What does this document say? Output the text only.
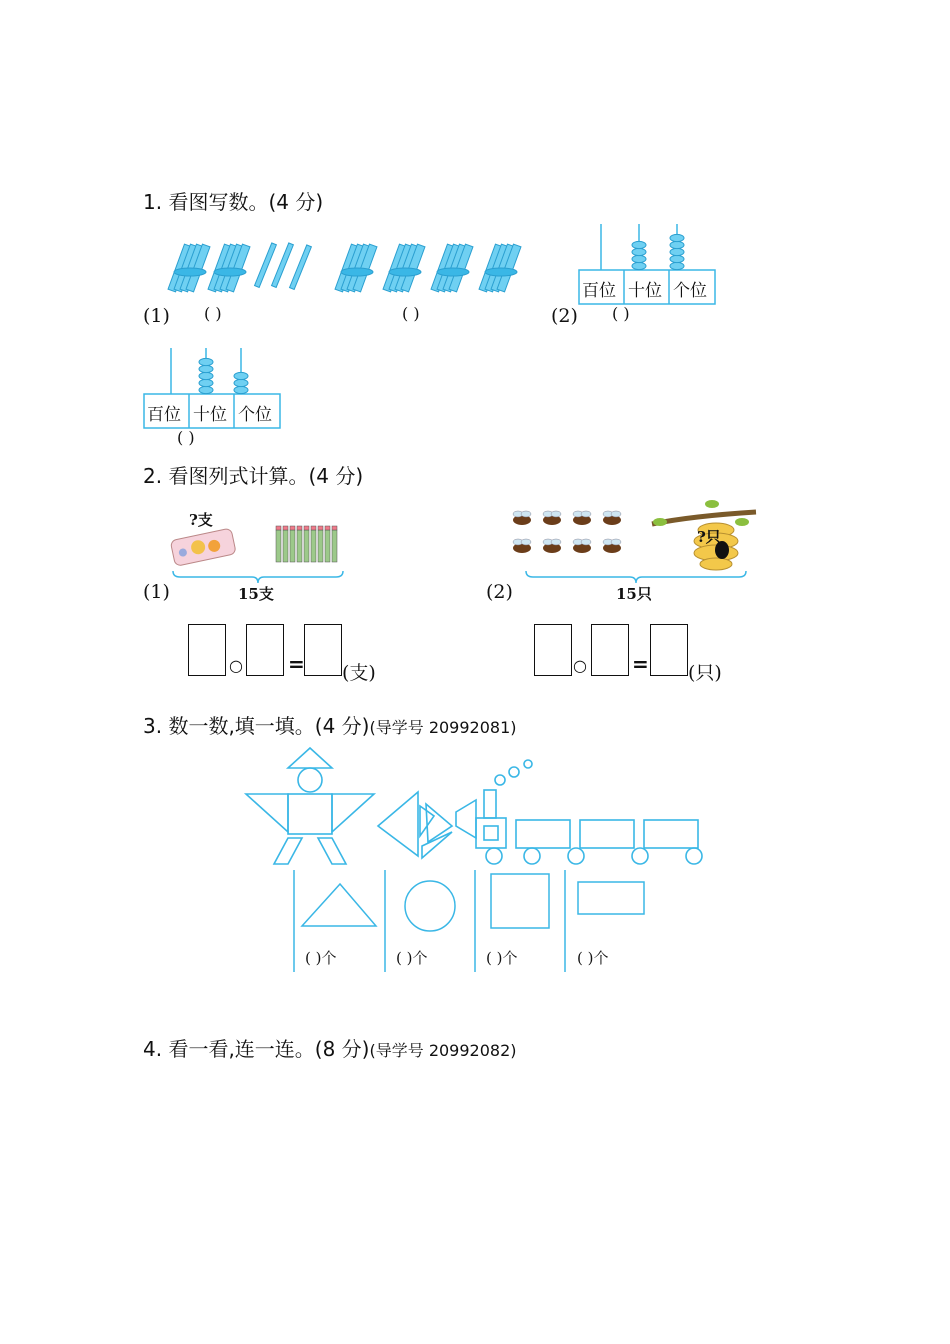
1. 看图写数。(4 分)
(1) ( )	( )
百位 十位 个位
(2) ( )
百位 十位 个位
( )
2. 看图列式计算。(4 分)
?支
15支
(1)
○ = (支)
?只
15只
(2)
○ = (只)
3. 数一数,填一填。(4 分)(导学号 20992081)
( )个	( )个	( )个	( )个
4. 看一看,连一连。(8 分)(导学号 20992082)
